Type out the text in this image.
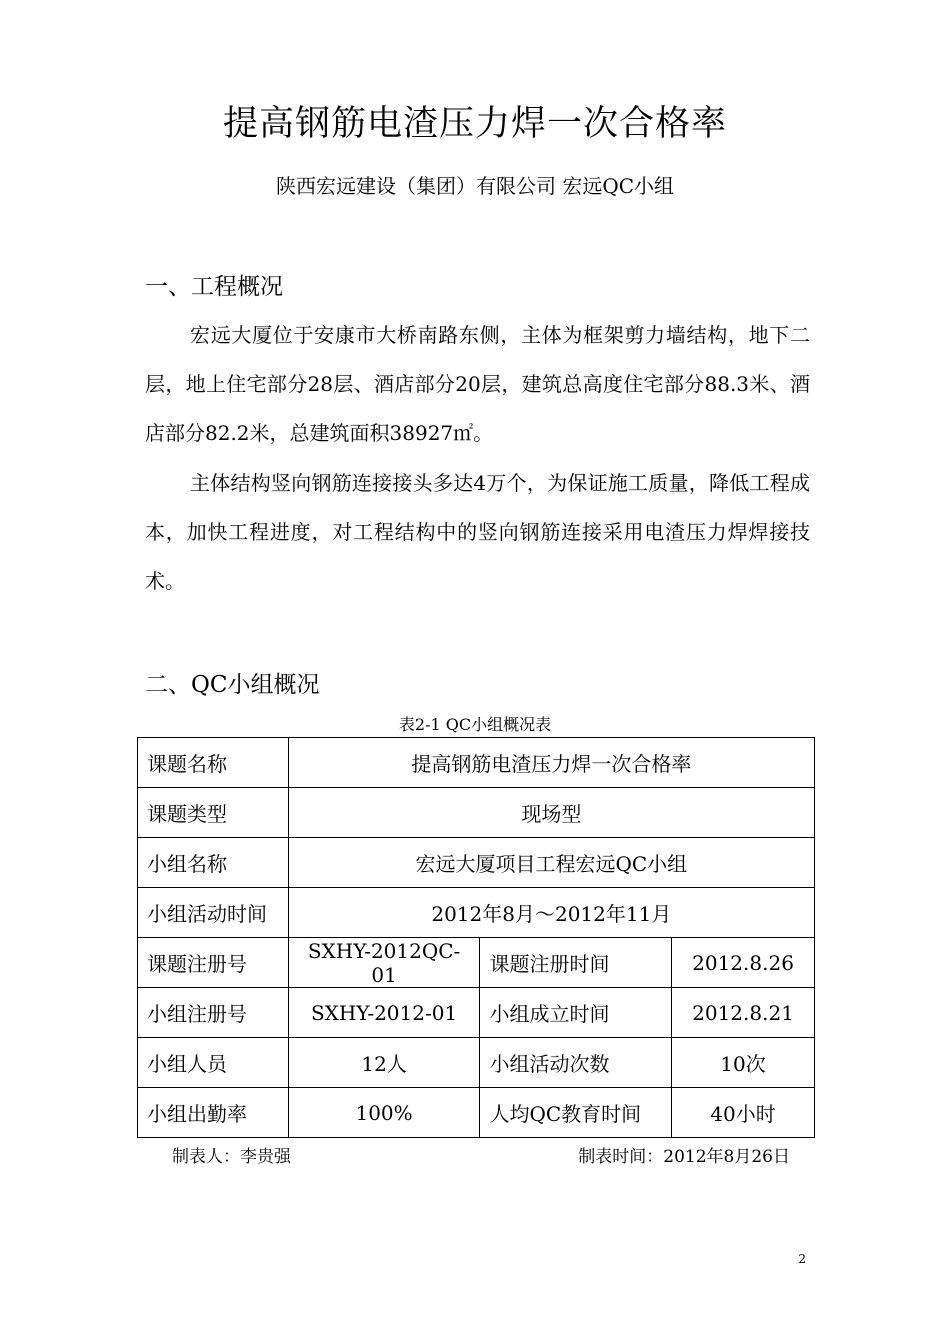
提高钢筋电渣压力焊一次合格率
陕西宏远建设（集团）有限公司 宏远QC小组
一、工程概况

宏远大厦位于安康市大桥南路东侧，主体为框架剪力墙结构，地下二层，地上住宅部分28层、酒店部分20层，建筑总高度住宅部分88.3米、酒店部分82.2米，总建筑面积38927㎡。

主体结构竖向钢筋连接接头多达4万个，为保证施工质量，降低工程成本，加快工程进度，对工程结构中的竖向钢筋连接采用电渣压力焊焊接技术。

二、QC小组概况
表2-1 QC小组概况表
课题名称	提高钢筋电渣压力焊一次合格率		
课题类型	现场型		
小组名称	宏远大厦项目工程宏远QC小组		
小组活动时间	2012年8月～2012年11月		
课题注册号	SXHY-2012QC-01	课题注册时间	2012.8.26
小组注册号	SXHY-2012-01	小组成立时间	2012.8.21
小组人员	12人	小组活动次数	10次
小组出勤率	100%	人均QC教育时间	40小时
制表人：李贵强	制表时间：2012年8月26日
2
